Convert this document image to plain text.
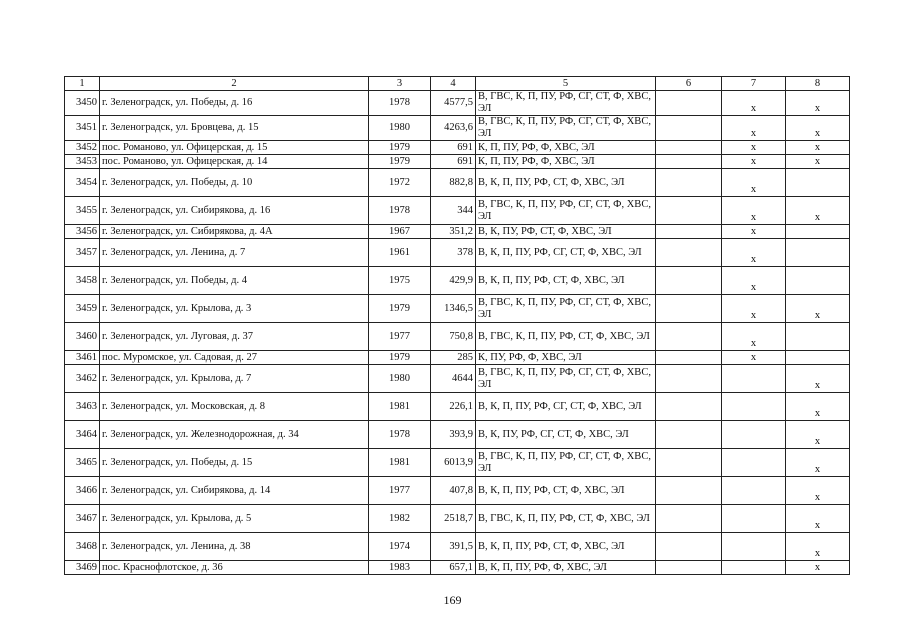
1	2	3	4	5	6	7	8
3450	г. Зеленоградск, ул. Победы, д. 16	1978	4577,5	В, ГВС, К, П, ПУ, РФ, СГ, СТ, Ф, ХВС, ЭЛ		х	х
3451	г. Зеленоградск, ул. Бровцева, д. 15	1980	4263,6	В, ГВС, К, П, ПУ, РФ, СГ, СТ, Ф, ХВС, ЭЛ		х	х
3452	пос. Романово, ул. Офицерская, д. 15	1979	691	К, П, ПУ, РФ, Ф, ХВС, ЭЛ		х	х
3453	пос. Романово, ул. Офицерская, д. 14	1979	691	К, П, ПУ, РФ, Ф, ХВС, ЭЛ		х	х
3454	г. Зеленоградск, ул. Победы, д. 10	1972	882,8	В, К, П, ПУ, РФ, СТ, Ф, ХВС, ЭЛ		х	
3455	г. Зеленоградск, ул. Сибирякова, д. 16	1978	344	В, ГВС, К, П, ПУ, РФ, СГ, СТ, Ф, ХВС, ЭЛ		х	х
3456	г. Зеленоградск, ул. Сибирякова, д. 4А	1967	351,2	В, К, ПУ, РФ, СТ, Ф, ХВС, ЭЛ		х	
3457	г. Зеленоградск, ул. Ленина, д. 7	1961	378	В, К, П, ПУ, РФ, СГ, СТ, Ф, ХВС, ЭЛ		х	
3458	г. Зеленоградск, ул. Победы, д. 4	1975	429,9	В, К, П, ПУ, РФ, СТ, Ф, ХВС, ЭЛ		х	
3459	г. Зеленоградск, ул. Крылова, д. 3	1979	1346,5	В, ГВС, К, П, ПУ, РФ, СГ, СТ, Ф, ХВС, ЭЛ		х	х
3460	г. Зеленоградск, ул. Луговая, д. 37	1977	750,8	В, ГВС, К, П, ПУ, РФ, СТ, Ф, ХВС, ЭЛ		х	
3461	пос. Муромское, ул. Садовая, д. 27	1979	285	К, ПУ, РФ, Ф, ХВС, ЭЛ		х	
3462	г. Зеленоградск, ул. Крылова, д. 7	1980	4644	В, ГВС, К, П, ПУ, РФ, СГ, СТ, Ф, ХВС, ЭЛ			х
3463	г. Зеленоградск, ул. Московская, д. 8	1981	226,1	В, К, П, ПУ, РФ, СГ, СТ, Ф, ХВС, ЭЛ			х
3464	г. Зеленоградск, ул. Железнодорожная, д. 34	1978	393,9	В, К, ПУ, РФ, СГ, СТ, Ф, ХВС, ЭЛ			х
3465	г. Зеленоградск, ул. Победы, д. 15	1981	6013,9	В, ГВС, К, П, ПУ, РФ, СГ, СТ, Ф, ХВС, ЭЛ			х
3466	г. Зеленоградск, ул. Сибирякова, д. 14	1977	407,8	В, К, П, ПУ, РФ, СТ, Ф, ХВС, ЭЛ			х
3467	г. Зеленоградск, ул. Крылова, д. 5	1982	2518,7	В, ГВС, К, П, ПУ, РФ, СТ, Ф, ХВС, ЭЛ			х
3468	г. Зеленоградск, ул. Ленина, д. 38	1974	391,5	В, К, П, ПУ, РФ, СТ, Ф, ХВС, ЭЛ			х
3469	пос. Краснофлотское, д. 36	1983	657,1	В, К, П, ПУ, РФ, Ф, ХВС, ЭЛ			х
169
